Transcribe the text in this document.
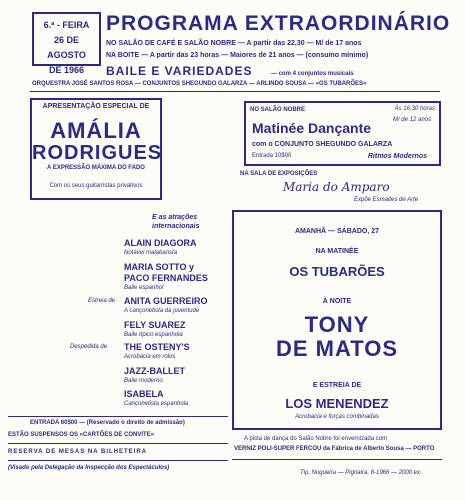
6.ª - FEIRA
26 DE AGOSTO
DE 1966
PROGRAMA EXTRAORDINÁRIO
NO SALÃO DE CAFÉ E SALÃO NOBRE — A partir das 22,30 — M/ de 17 anos
NA BOITE — A partir das 23 horas — Maiores de 21 anos — (consumo mínimo)
BAILE E VARIEDADES	— com 4 conjuntos musicais
ORQUESTRA JOSÉ SANTOS ROSA — CONJUNTOS SHEGUNDO GALARZA — ARLINDO SOUSA — «OS TUBARÕES»
APRESENTAÇÃO ESPECIAL DE
AMÁLIA
RODRIGUES
A EXPRESSÃO MÁXIMA DO FADO
Com os seus guitarristas privativos
NO SALÃO NOBRE	Às 16,30 horas
M/ de 12 anos
Matinée Dançante
com o CONJUNTO SHEGUNDO GALARZA
Entrada 10$00	Ritmos Modernos
NA SALA DE EXPOSIÇÕES
Maria do Amparo
Expõe Esmaltes de Arte
E as atrações
internacionais
ALAIN DIAGORA
Notável malabarista
MARIA SOTTO y
PACO FERNANDES
Baile espanhol
Estreia de ANITA GUERREIRO
A cançonetista da juventude
FELY SUAREZ
Baile típico espanhola
Despedida de THE OSTENY'S
Acrobacia em rolos
JAZZ-BALLET
Baile moderno
ISABELA
Cançonetista espanhola
AMANHÃ — SÁBADO, 27
NA MATINÉE
OS TUBARÕES
À NOITE
TONY
DE MATOS
E ESTREIA DE
LOS MENENDEZ
Acrobacia e forças combinadas
ENTRADA 60$00 — (Reservado o direito de admissão)
ESTÃO SUSPENSOS OS «CARTÕES DE CONVITE»
RESERVA DE MESAS NA BILHETEIRA
(Visado pela Delegação da Inspecção dos Espectáculos)
A pista de dança do Salão Nobre foi envernizada com
VERNIZ POLI-SUPER FERCOU da Fábrica de Alberto Sousa — PORTO
Tip. Nogueira — Pignaira, 8-1966 — 2000 ex.
